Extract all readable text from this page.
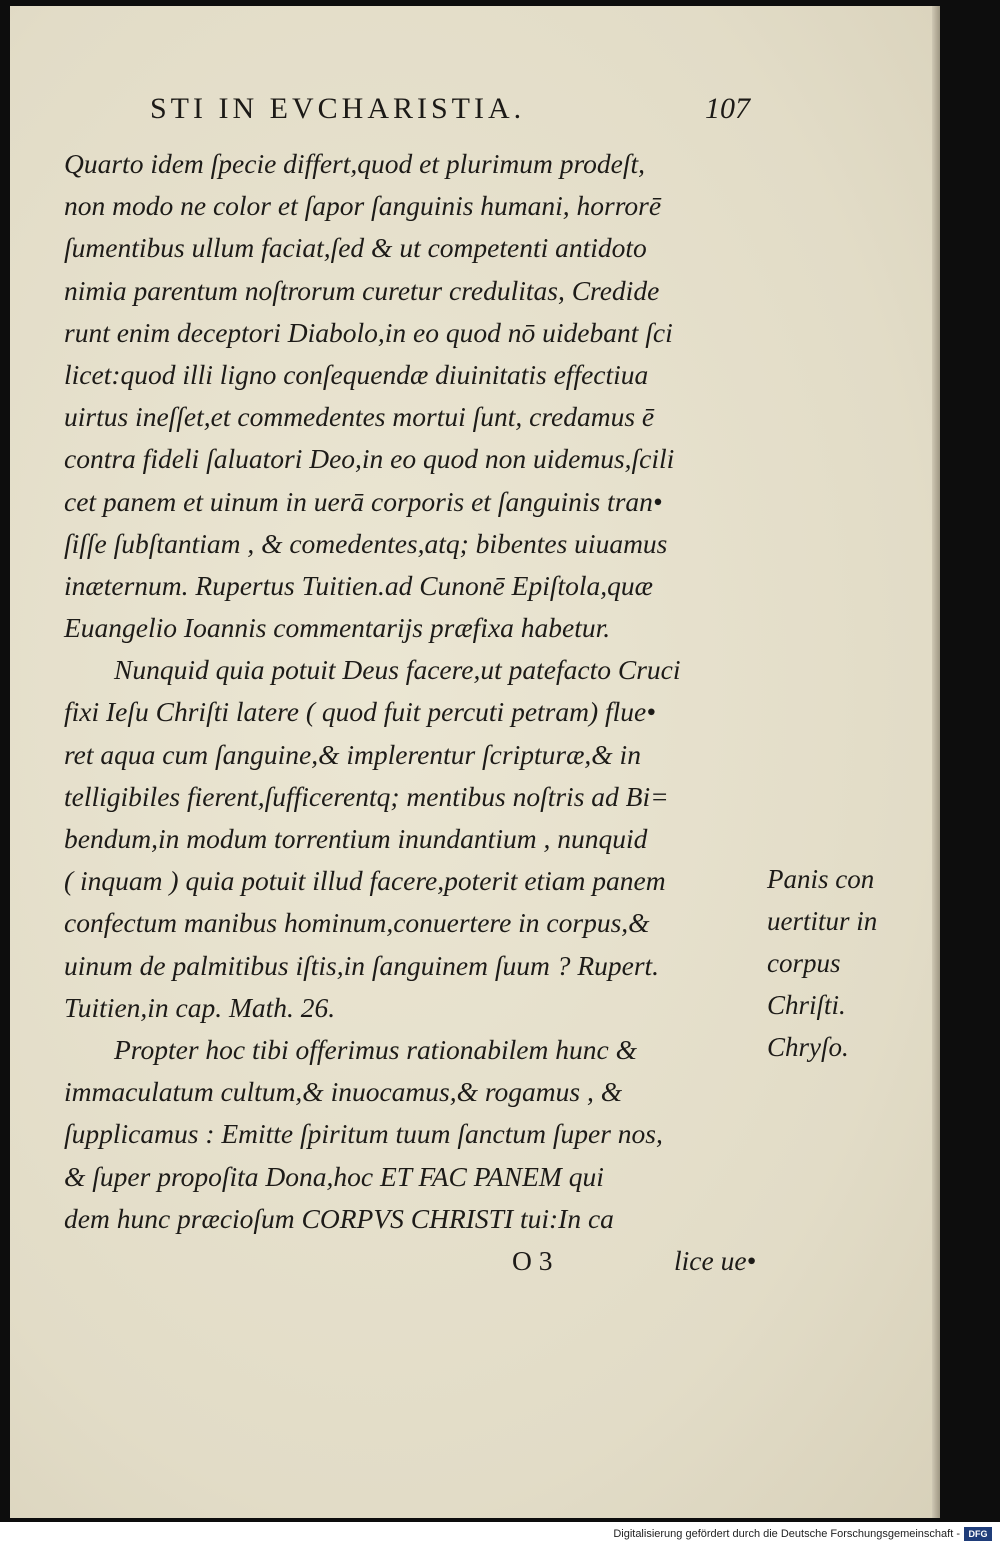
STI IN EVCHARISTIA.	107
Quarto idem ſpecie differt,quod et plurimum prodeſt,
non modo ne color et ſapor ſanguinis humani, horrorē
ſumentibus ullum faciat,ſed & ut competenti antidoto
nimia parentum noſtrorum curetur credulitas, Credide
runt enim deceptori Diabolo,in eo quod nō uidebant ſci
licet:quod illi ligno conſequendæ diuinitatis effectiua
uirtus ineſſet,et commedentes mortui ſunt, credamus ē
contra fideli ſaluatori Deo,in eo quod non uidemus,ſcili
cet panem et uinum in uerā corporis et ſanguinis tran•
ſiſſe ſubſtantiam , & comedentes,atq; bibentes uiuamus
inæternum. Rupertus Tuitien.ad Cunonē Epiſtola,quæ
Euangelio Ioannis commentarijs præfixa habetur.
Nunquid quia potuit Deus facere,ut patefacto Cruci
fixi Ieſu Chriſti latere ( quod fuit percuti petram) flue•
ret aqua cum ſanguine,& implerentur ſcripturæ,& in
telligibiles fierent,ſufficerentq; mentibus noſtris ad Bi=
bendum,in modum torrentium inundantium , nunquid
( inquam ) quia potuit illud facere,poterit etiam panem
confectum manibus hominum,conuertere in corpus,&
uinum de palmitibus iſtis,in ſanguinem ſuum ? Rupert.
Tuitien,in cap. Math. 26.
Propter hoc tibi offerimus rationabilem hunc &
immaculatum cultum,& inuocamus,& rogamus , &
ſupplicamus : Emitte ſpiritum tuum ſanctum ſuper nos,
& ſuper propoſita Dona,hoc ET FAC PANEM qui
dem hunc præcioſum CORPVS CHRISTI tui:In ca
O 3	lice ue•
Panis con
uertitur in
corpus
Chriſti.
Chryſo.
Digitalisierung gefördert durch die Deutsche Forschungsgemeinschaft - DFG
